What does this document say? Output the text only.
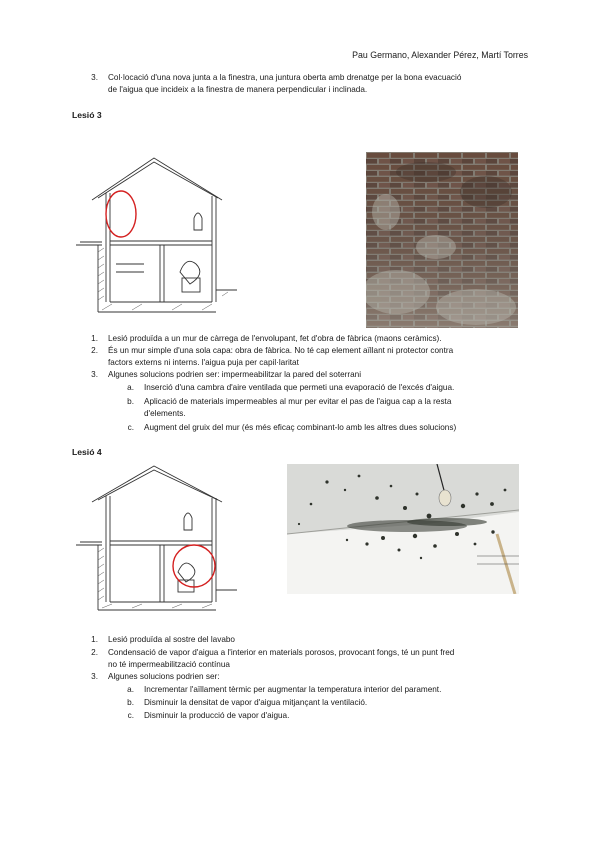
Pau Germano, Alexander Pérez, Martí Torres
3. Col·locació d'una nova junta a la finestra, una juntura oberta amb drenatge per la bona evacuació
de l'aigua que incideix a la finestra de manera perpendicular i inclinada.
Lesió 3
1. Lesió produïda a un mur de càrrega de l'envolupant, fet d'obra de fàbrica (maons ceràmics).
2. És un mur simple d'una sola capa: obra de fàbrica. No té cap element aïllant ni protector contra
factors externs ni interns. l'aigua puja per capil·laritat
3. Algunes solucions podrien ser: impermeabilitzar la pared del soterrani
a. Inserció d'una cambra d'aire ventilada que permeti una evaporació de l'excés d'aigua.
b. Aplicació de materials impermeables al mur per evitar el pas de l'aigua cap a la resta
d'elements.
c. Augment del gruix del mur (és més eficaç combinant-lo amb les altres dues solucions)
Lesió 4
1. Lesió produïda al sostre del lavabo
2. Condensació de vapor d'aigua a l'interior en materials porosos, provocant fongs, té un punt fred
no té impermeabilització contínua
3. Algunes solucions podrien ser:
a. Incrementar l'aïllament tèrmic per augmentar la temperatura interior del parament.
b. Disminuir la densitat de vapor d'aigua mitjançant la ventilació.
c. Disminuir la producció de vapor d'aigua.
